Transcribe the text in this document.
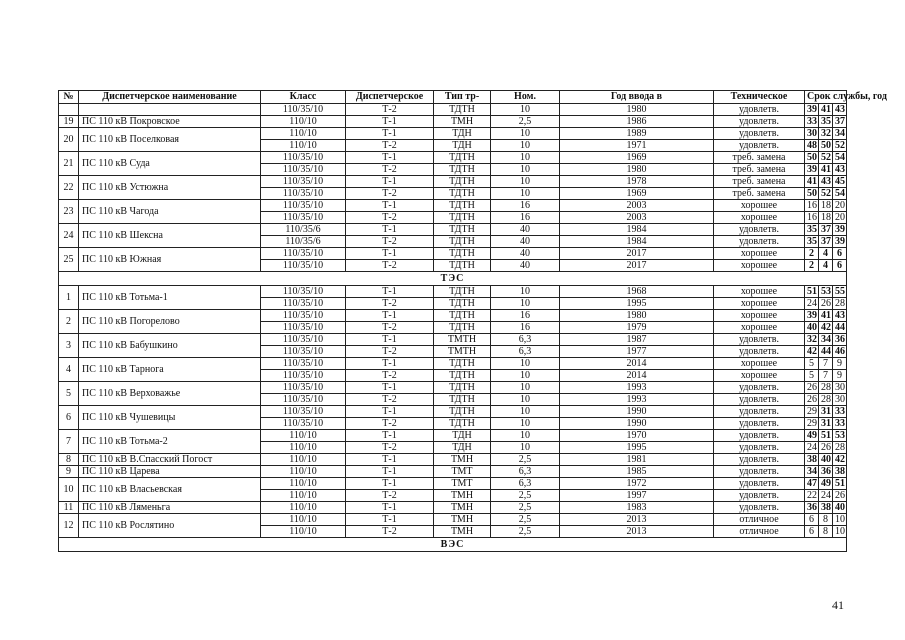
№	Диспетчерское наименование	Класс	Диспетчерское	Тип тр-	Ном.	Год ввода в	Техническое	Срок службы, год		
		110/35/10	Т-2	ТДТН	10	1980	удовлетв.	39	41	43
19	ПС 110 кВ Покровское	110/10	Т-1	ТМН	2,5	1986	удовлетв.	33	35	37
20	ПС 110 кВ Поселковая	110/10	Т-1	ТДН	10	1989	удовлетв.	30	32	34
		110/10	Т-2	ТДН	10	1971	удовлетв.	48	50	52
21	ПС 110 кВ Суда	110/35/10	Т-1	ТДТН	10	1969	треб. замена	50	52	54
		110/35/10	Т-2	ТДТН	10	1980	треб. замена	39	41	43
22	ПС 110 кВ Устюжна	110/35/10	Т-1	ТДТН	10	1978	треб. замена	41	43	45
		110/35/10	Т-2	ТДТН	10	1969	треб. замена	50	52	54
23	ПС 110 кВ Чагода	110/35/10	Т-1	ТДТН	16	2003	хорошее	16	18	20
		110/35/10	Т-2	ТДТН	16	2003	хорошее	16	18	20
24	ПС 110 кВ Шексна	110/35/6	Т-1	ТДТН	40	1984	удовлетв.	35	37	39
		110/35/6	Т-2	ТДТН	40	1984	удовлетв.	35	37	39
25	ПС 110 кВ Южная	110/35/10	Т-1	ТДТН	40	2017	хорошее	2	4	6
		110/35/10	Т-2	ТДТН	40	2017	хорошее	2	4	6
ТЭС										
1	ПС 110 кВ Тотьма-1	110/35/10	Т-1	ТДТН	10	1968	хорошее	51	53	55
		110/35/10	Т-2	ТДТН	10	1995	хорошее	24	26	28
2	ПС 110 кВ Погорелово	110/35/10	Т-1	ТДТН	16	1980	хорошее	39	41	43
		110/35/10	Т-2	ТДТН	16	1979	хорошее	40	42	44
3	ПС 110 кВ Бабушкино	110/35/10	Т-1	ТМТН	6,3	1987	удовлетв.	32	34	36
		110/35/10	Т-2	ТМТН	6,3	1977	удовлетв.	42	44	46
4	ПС 110 кВ Тарнога	110/35/10	Т-1	ТДТН	10	2014	хорошее	5	7	9
		110/35/10	Т-2	ТДТН	10	2014	хорошее	5	7	9
5	ПС 110 кВ Верховажье	110/35/10	Т-1	ТДТН	10	1993	удовлетв.	26	28	30
		110/35/10	Т-2	ТДТН	10	1993	удовлетв.	26	28	30
6	ПС 110 кВ Чушевицы	110/35/10	Т-1	ТДТН	10	1990	удовлетв.	29	31	33
		110/35/10	Т-2	ТДТН	10	1990	удовлетв.	29	31	33
7	ПС 110 кВ Тотьма-2	110/10	Т-1	ТДН	10	1970	удовлетв.	49	51	53
		110/10	Т-2	ТДН	10	1995	удовлетв.	24	26	28
8	ПС 110 кВ В.Спасский Погост	110/10	Т-1	ТМН	2,5	1981	удовлетв.	38	40	42
9	ПС 110 кВ Царева	110/10	Т-1	ТМТ	6,3	1985	удовлетв.	34	36	38
10	ПС 110 кВ Власьевская	110/10	Т-1	ТМТ	6,3	1972	удовлетв.	47	49	51
		110/10	Т-2	ТМН	2,5	1997	удовлетв.	22	24	26
11	ПС 110 кВ Ляменьга	110/10	Т-1	ТМН	2,5	1983	удовлетв.	36	38	40
12	ПС 110 кВ Рослятино	110/10	Т-1	ТМН	2,5	2013	отличное	6	8	10
		110/10	Т-2	ТМН	2,5	2013	отличное	6	8	10
ВЭС										
41
